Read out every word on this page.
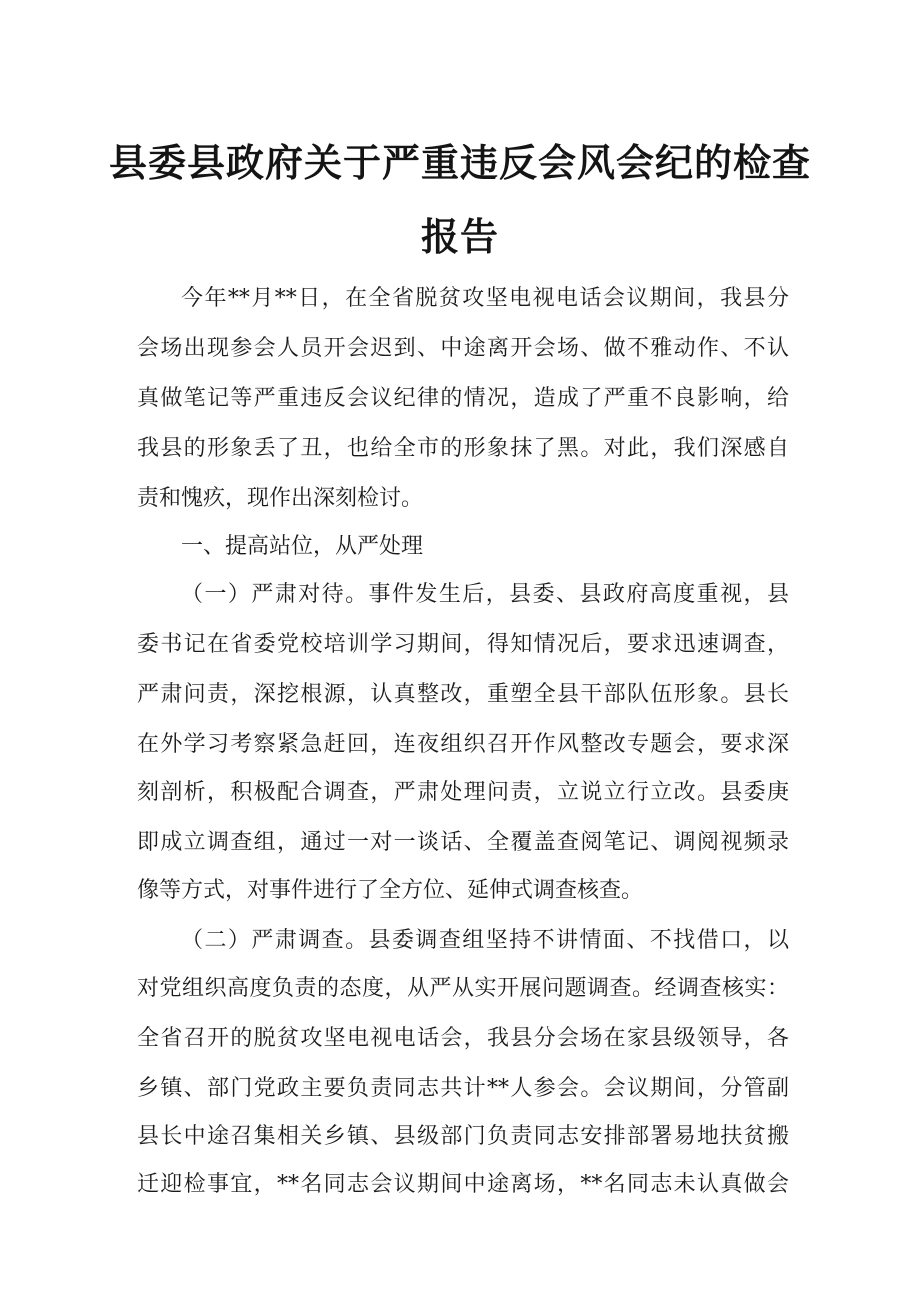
县委县政府关于严重违反会风会纪的检查
报告
今年**月**日，在全省脱贫攻坚电视电话会议期间，我县分
会场出现参会人员开会迟到、中途离开会场、做不雅动作、不认
真做笔记等严重违反会议纪律的情况，造成了严重不良影响，给
我县的形象丢了丑，也给全市的形象抹了黑。对此，我们深感自
责和愧疚，现作出深刻检讨。
一、提高站位，从严处理
（一）严肃对待。事件发生后，县委、县政府高度重视，县
委书记在省委党校培训学习期间，得知情况后，要求迅速调查，
严肃问责，深挖根源，认真整改，重塑全县干部队伍形象。县长
在外学习考察紧急赶回，连夜组织召开作风整改专题会，要求深
刻剖析，积极配合调查，严肃处理问责，立说立行立改。县委庚
即成立调查组，通过一对一谈话、全覆盖查阅笔记、调阅视频录
像等方式，对事件进行了全方位、延伸式调查核查。
（二）严肃调查。县委调查组坚持不讲情面、不找借口，以
对党组织高度负责的态度，从严从实开展问题调查。经调查核实：
全省召开的脱贫攻坚电视电话会，我县分会场在家县级领导，各
乡镇、部门党政主要负责同志共计**人参会。会议期间，分管副
县长中途召集相关乡镇、县级部门负责同志安排部署易地扶贫搬
迁迎检事宜，**名同志会议期间中途离场，**名同志未认真做会
